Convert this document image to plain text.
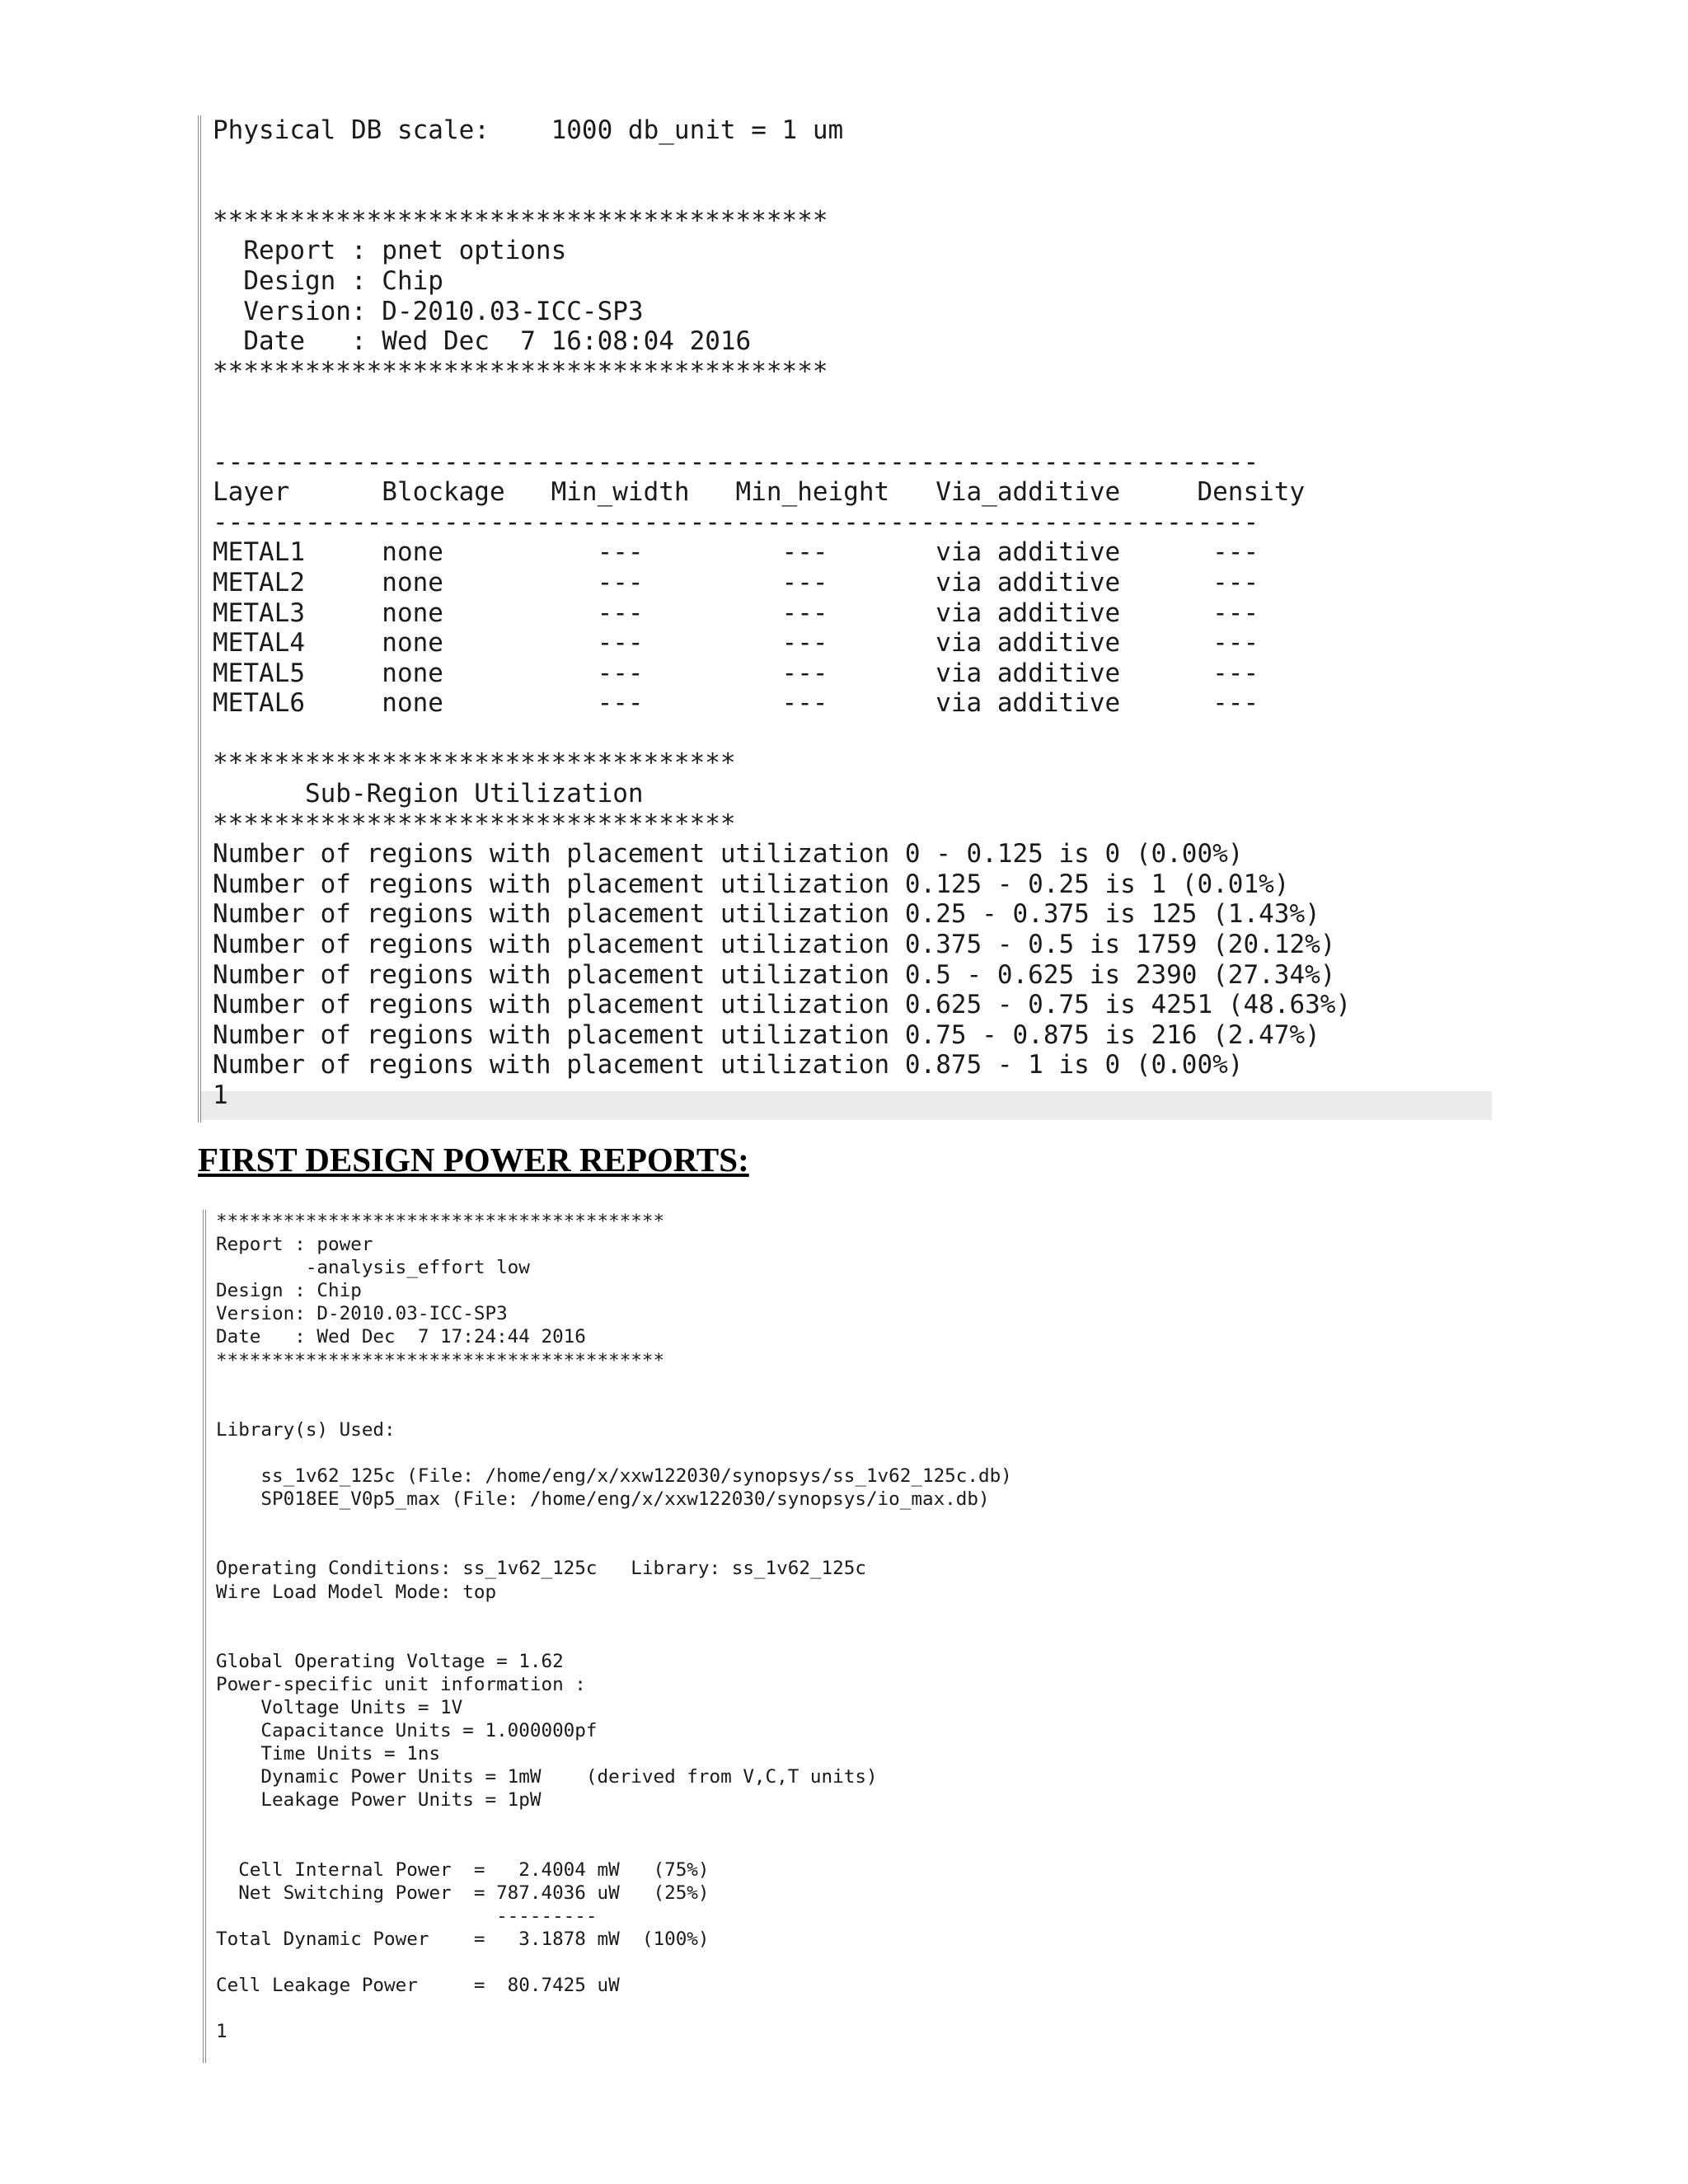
Physical DB scale:    1000 db_unit = 1 um
****************************************
Report : pnet options
Design : Chip
Version: D-2010.03-ICC-SP3
Date   : Wed Dec  7 16:08:04 2016
****************************************
--------------------------------------------------------------------
Layer      Blockage   Min_width   Min_height   Via_additive     Density
--------------------------------------------------------------------
METAL1     none          ---         ---       via additive      ---
METAL2     none          ---         ---       via additive      ---
METAL3     none          ---         ---       via additive      ---
METAL4     none          ---         ---       via additive      ---
METAL5     none          ---         ---       via additive      ---
METAL6     none          ---         ---       via additive      ---
**********************************
Sub-Region Utilization
**********************************
Number of regions with placement utilization 0 - 0.125 is 0 (0.00%)
Number of regions with placement utilization 0.125 - 0.25 is 1 (0.01%)
Number of regions with placement utilization 0.25 - 0.375 is 125 (1.43%)
Number of regions with placement utilization 0.375 - 0.5 is 1759 (20.12%)
Number of regions with placement utilization 0.5 - 0.625 is 2390 (27.34%)
Number of regions with placement utilization 0.625 - 0.75 is 4251 (48.63%)
Number of regions with placement utilization 0.75 - 0.875 is 216 (2.47%)
Number of regions with placement utilization 0.875 - 1 is 0 (0.00%)
1
FIRST DESIGN POWER REPORTS:
****************************************
Report : power
-analysis_effort low
Design : Chip
Version: D-2010.03-ICC-SP3
Date   : Wed Dec  7 17:24:44 2016
****************************************
Library(s) Used:
ss_1v62_125c (File: /home/eng/x/xxw122030/synopsys/ss_1v62_125c.db)
SP018EE_V0p5_max (File: /home/eng/x/xxw122030/synopsys/io_max.db)
Operating Conditions: ss_1v62_125c   Library: ss_1v62_125c
Wire Load Model Mode: top
Global Operating Voltage = 1.62
Power-specific unit information :
Voltage Units = 1V
Capacitance Units = 1.000000pf
Time Units = 1ns
Dynamic Power Units = 1mW    (derived from V,C,T units)
Leakage Power Units = 1pW
Cell Internal Power  =   2.4004 mW   (75%)
Net Switching Power  = 787.4036 uW   (25%)
---------
Total Dynamic Power    =   3.1878 mW  (100%)
Cell Leakage Power     =  80.7425 uW
1
